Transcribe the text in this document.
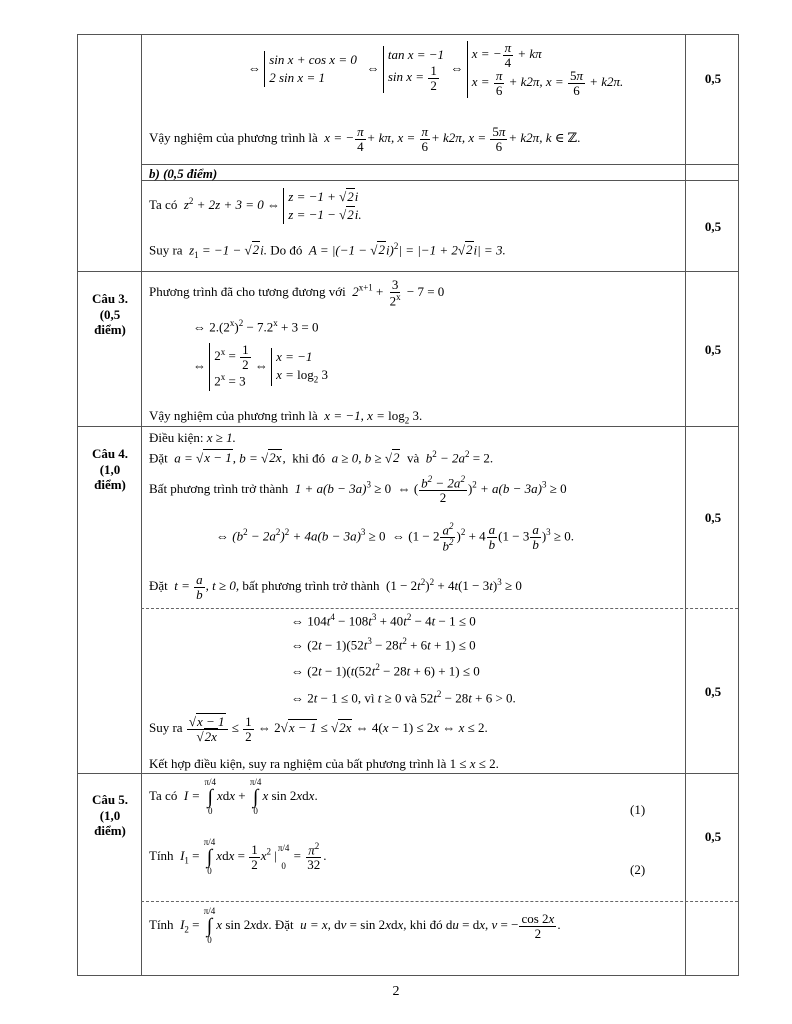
⇔
sin x + cos x = 0
2 sin x = 1
⇔
tan x = −1
$\sin x = \frac{1}{2}$ ⇔
x = − $\frac{\pi}{4} + k\pi$
$x = \frac{\pi}{6} + k2\pi$, $x = \frac{5\pi}{6} + k2\pi$.
Vậy nghiệm của phương trình là  x = − $\frac{\pi}{4} + k\pi$, $x = \frac{\pi}{6} + k2\pi$, $x = \frac{5\pi}{6} + k2\pi$, k ∈ ℤ.
0,5
b) (0,5 điểm)
Ta có  $z^2 + 2z + 3 = 0$ ⇔
z = −1 + √2i
z = −1 − √2i.
Suy ra  $z_1 = -1 - √2i$. Do đó  $A = |(-1 - √2i)^2| = |-1 + 2√2i| = 3$.
0,5
Câu 3.
(0,5
điểm)
Phương trình đã cho tương đương với  $2^{x+1} + \frac{3}{2^x} - 7 = 0$
⇔ $2.(2^x)^2 - 7.2^x + 3 = 0$
⇔
$2^x = \frac{1}{2}$
$2^x = 3$
⇔
x = −1
$x = \log_2 3$
Vậy nghiệm của phương trình là  x = −1, $x = \log_2 3$.
0,5
Câu 4.
(1,0
điểm)
Điều kiện: x ≥ 1.
Đặt  a = √x − 1, b = √2x, khi đó  a ≥ 0, b ≥ √2 và  $b^2 - 2a^2 = 2$.
Bất phương trình trở thành  $1 + a(b - 3a)^3 \ge 0$  ⇔ ( $\frac{b^2 - 2a^2}{2} )^2 + a(b - 3a)^3 \ge 0$
⇔ $(b^2 - 2a^2)^2 + 4a(b - 3a)^3 \ge 0$  ⇔ $(1 - 2 \frac{a^2}{b^2} )^2 + 4 \frac{a}{b} (1 - 3 \frac{a}{b} )^3 \ge 0$.
Đặt  $t = \frac{a}{b}$ , t ≥ 0, bất phương trình trở thành  $(1 - 2t^2)^2 + 4t(1 - 3t)^3 \ge 0$
0,5
⇔ $104t^4 - 108t^3 + 40t^2 - 4t - 1 \le 0$
⇔ $(2t - 1)(52t^3 - 28t^2 + 6t + 1) \le 0$
⇔ $(2t - 1)(t(52t^2 - 28t + 6) + 1) \le 0$
⇔ 2t − 1 ≤ 0, vì t ≥ 0 và $52t^2 - 28t + 6 > 0$.
Suy ra $\frac{√x - 1}{√2x} \le \frac{1}{2}$ ⇔ 2√x − 1 ≤ √2x ⇔ 4(x − 1) ≤ 2x ⇔ x ≤ 2.
Kết hợp điều kiện, suy ra nghiệm của bất phương trình là 1 ≤ x ≤ 2.
0,5
Câu 5.
(1,0
điểm)
Ta có  I =
π/4
∫
0
xdx +
π/4
∫
0
x sin 2xdx.
(1)
Tính  $I_1$ =
π/4
∫
0
xdx = $\frac{1}{2} x^2$ |
π/4

0
= $\frac{\pi^2}{32}$ .
(2)
0,5
Tính  $I_2$ =
π/4
∫
0
x sin 2xdx. Đặt  u = x, dv = sin 2xdx, khi đó du = dx, v = − $\frac{\cos 2x}{2}$ .
2
